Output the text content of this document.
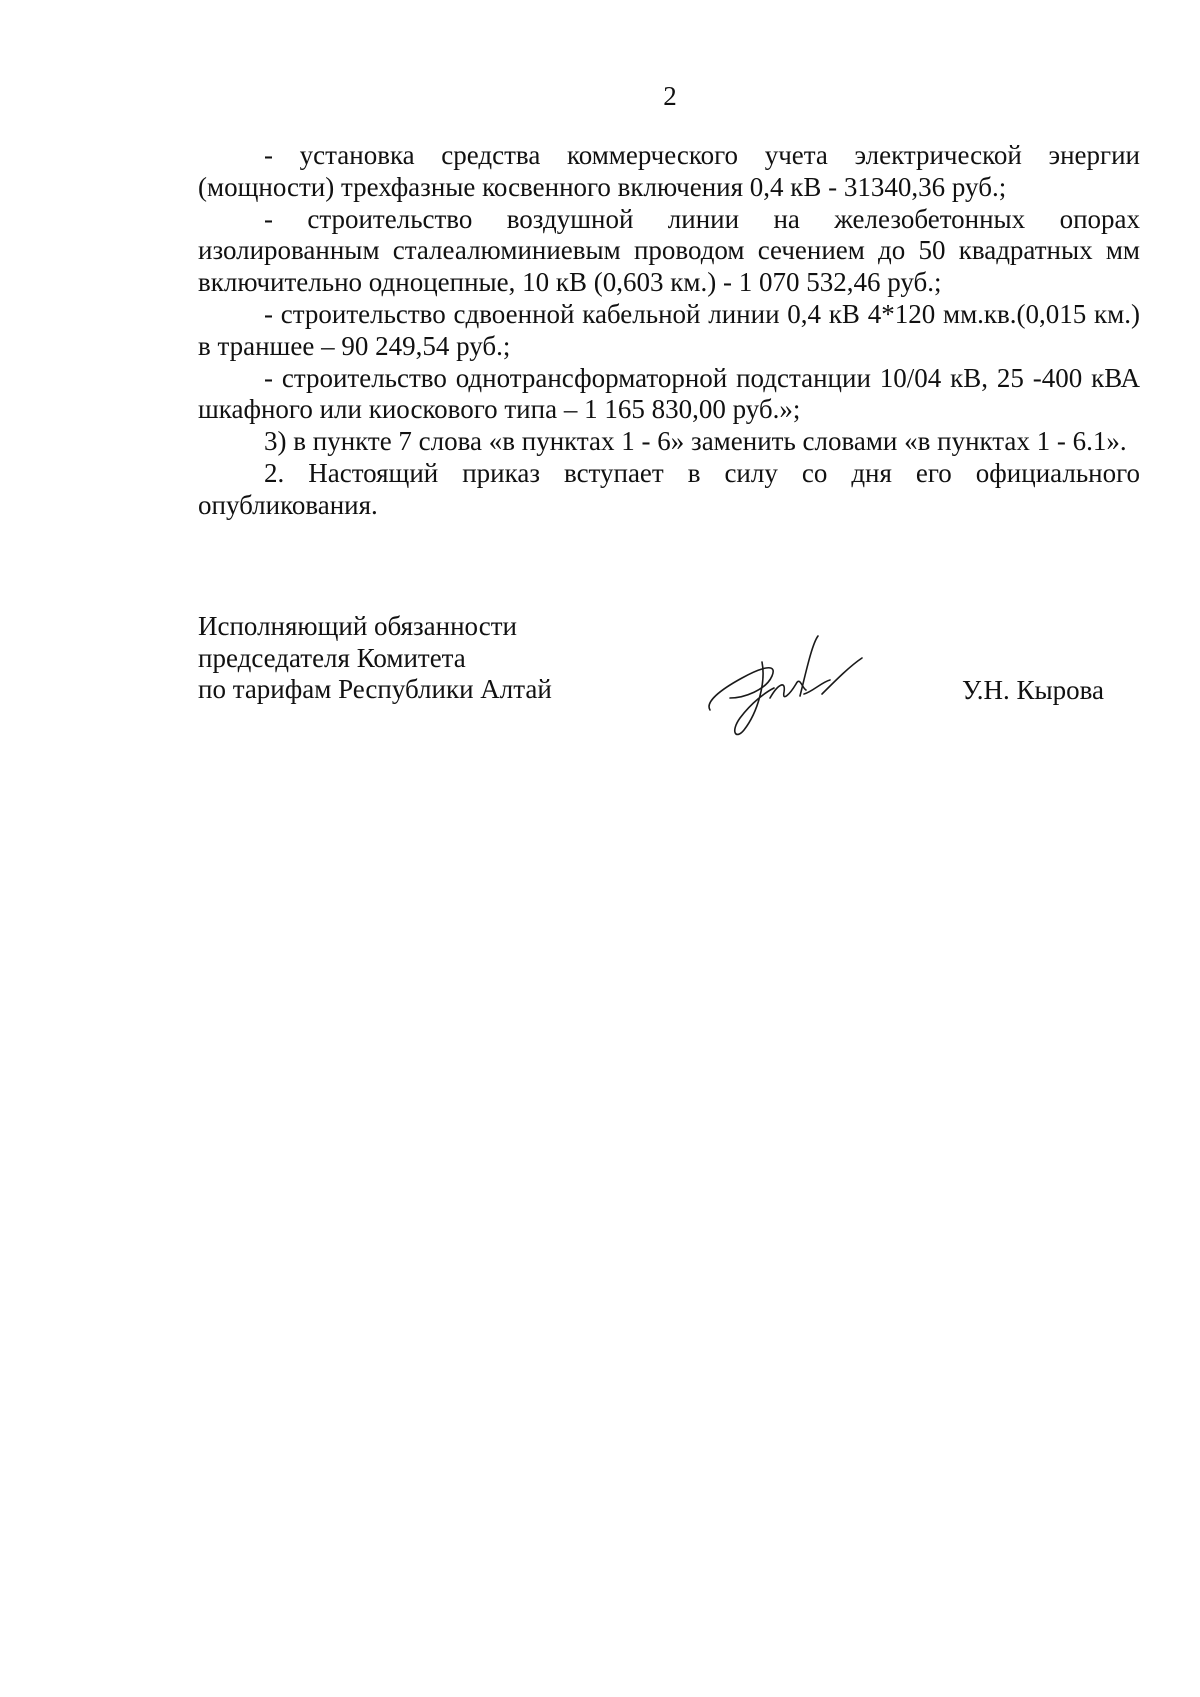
2

- установка средства коммерческого учета электрической энергии (мощности) трехфазные косвенного включения 0,4 кВ - 31340,36 руб.;

- строительство воздушной линии на железобетонных опорах изолированным сталеалюминиевым проводом сечением до 50 квадратных мм включительно одноцепные, 10 кВ (0,603 км.) - 1 070 532,46 руб.;

- строительство сдвоенной кабельной линии 0,4 кВ 4*120 мм.кв.(0,015 км.) в траншее – 90 249,54 руб.;

- строительство однотрансформаторной подстанции 10/04 кВ, 25 -400 кВА шкафного или киоскового типа – 1 165 830,00 руб.»;

3) в пункте 7 слова «в пунктах 1 - 6» заменить словами «в пунктах 1 - 6.1».

2. Настоящий приказ вступает в силу со дня его официального опубликования.

Исполняющий обязанности
председателя Комитета
по тарифам Республики Алтай	У.Н. Кырова
